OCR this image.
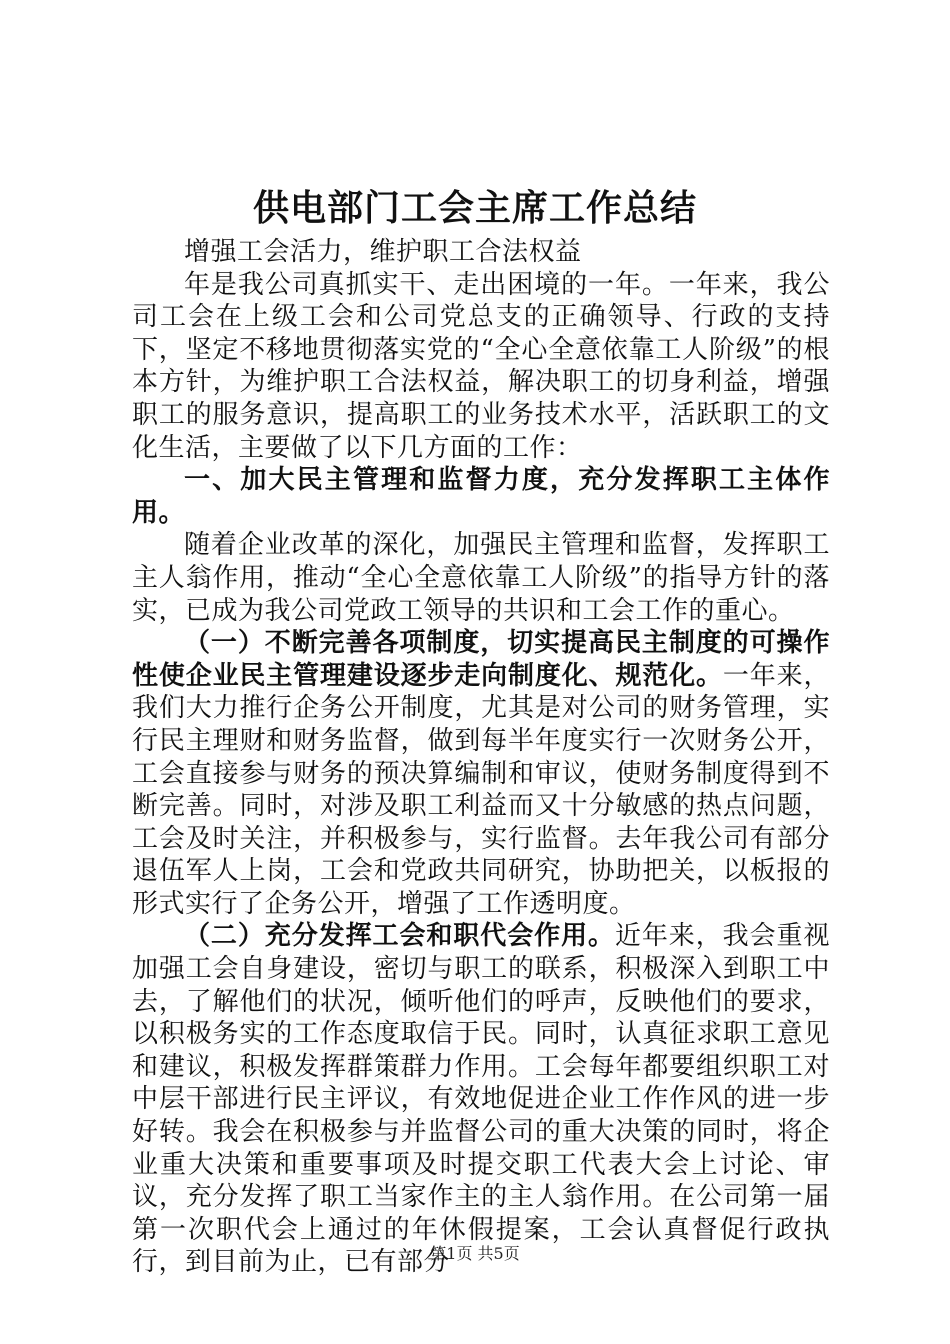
供电部门工会主席工作总结

增强工会活力，维护职工合法权益

年是我公司真抓实干、走出困境的一年。一年来，我公司工会在上级工会和公司党总支的正确领导、行政的支持下，坚定不移地贯彻落实党的“全心全意依靠工人阶级”的根本方针，为维护职工合法权益，解决职工的切身利益，增强职工的服务意识，提高职工的业务技术水平，活跃职工的文化生活，主要做了以下几方面的工作：

一、加大民主管理和监督力度，充分发挥职工主体作用。

随着企业改革的深化，加强民主管理和监督，发挥职工主人翁作用，推动“全心全意依靠工人阶级”的指导方针的落实，已成为我公司党政工领导的共识和工会工作的重心。

（一）不断完善各项制度，切实提高民主制度的可操作性使企业民主管理建设逐步走向制度化、规范化。一年来，我们大力推行企务公开制度，尤其是对公司的财务管理，实行民主理财和财务监督，做到每半年度实行一次财务公开，工会直接参与财务的预决算编制和审议，使财务制度得到不断完善。同时，对涉及职工利益而又十分敏感的热点问题，工会及时关注，并积极参与，实行监督。去年我公司有部分退伍军人上岗，工会和党政共同研究，协助把关，以板报的形式实行了企务公开，增强了工作透明度。

（二）充分发挥工会和职代会作用。近年来，我会重视加强工会自身建设，密切与职工的联系，积极深入到职工中去，了解他们的状况，倾听他们的呼声，反映他们的要求，以积极务实的工作态度取信于民。同时，认真征求职工意见和建议，积极发挥群策群力作用。工会每年都要组织职工对中层干部进行民主评议，有效地促进企业工作作风的进一步好转。我会在积极参与并监督公司的重大决策的同时，将企业重大决策和重要事项及时提交职工代表大会上讨论、审议，充分发挥了职工当家作主的主人翁作用。在公司第一届第一次职代会上通过的年休假提案，工会认真督促行政执行，到目前为止，已有部分

第1页 共5页
